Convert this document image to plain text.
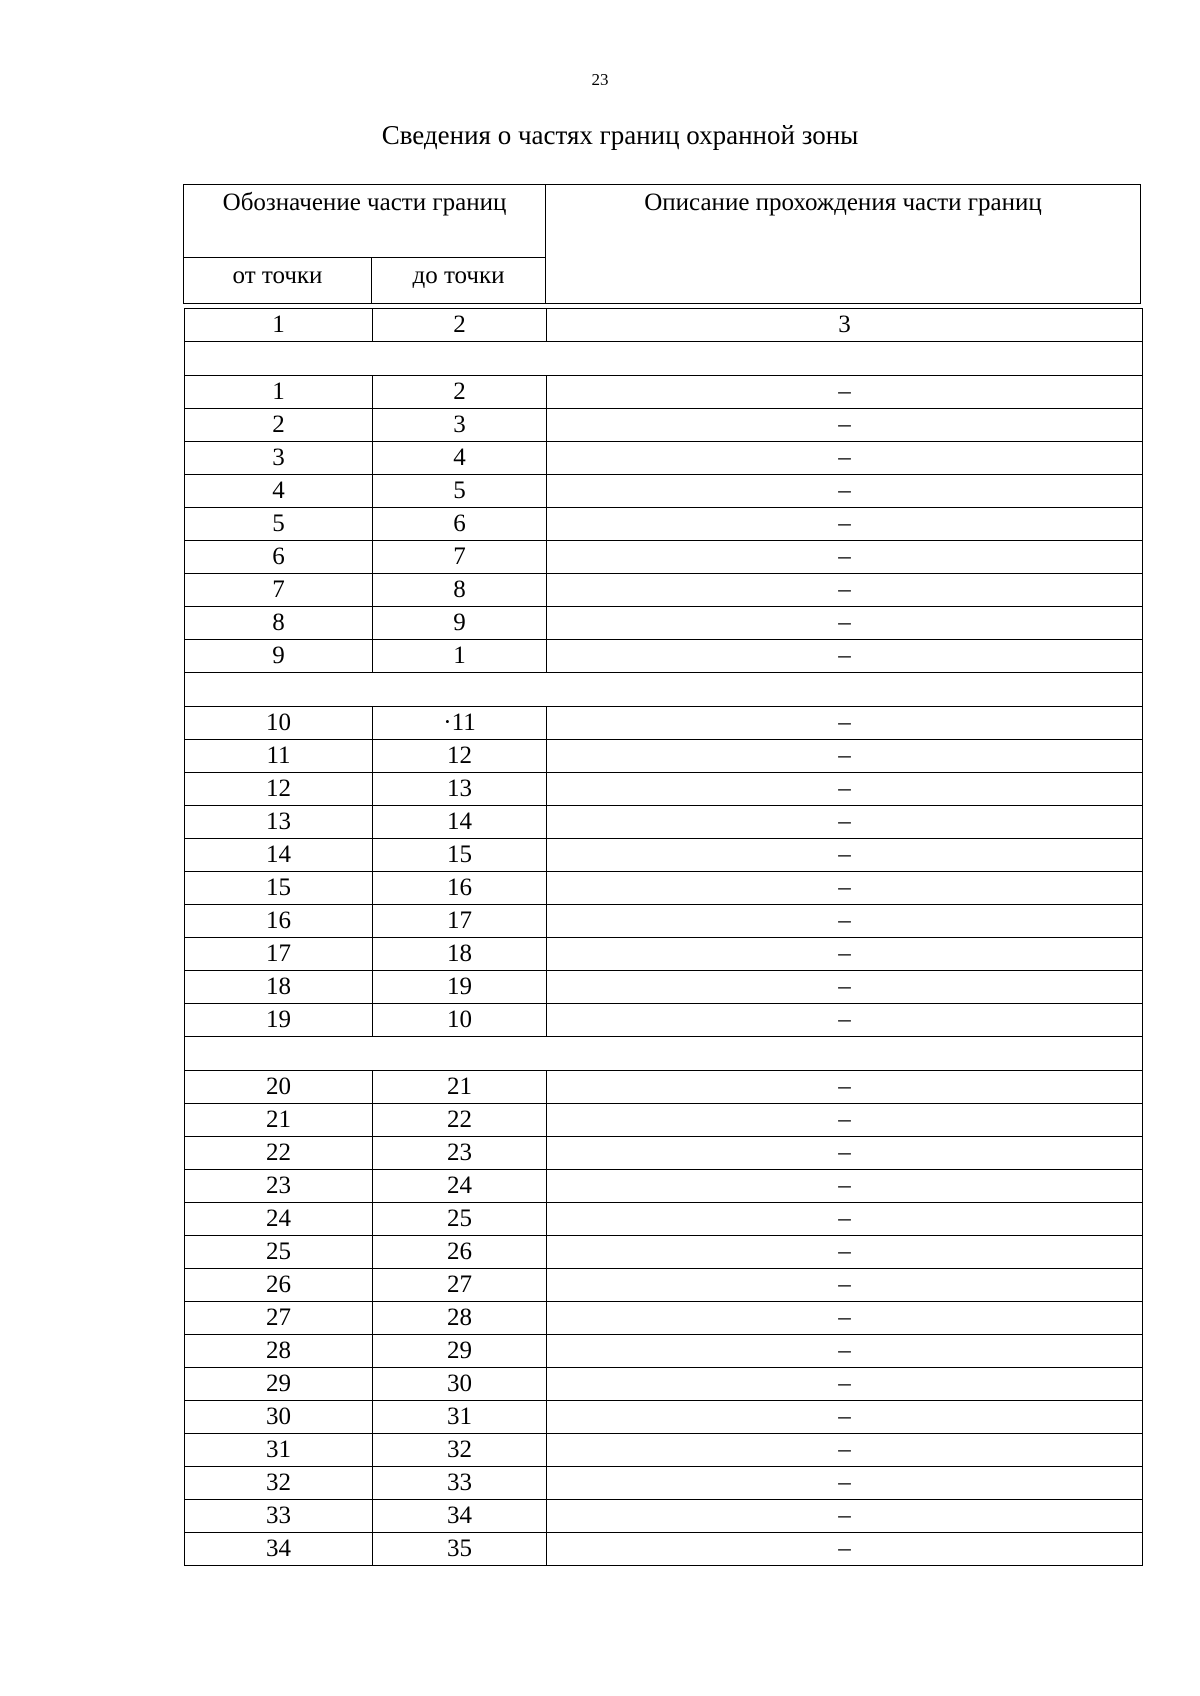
23
Сведения о частях границ охранной зоны
Обозначение части границ
от точки	до точки
Описание прохождения части границ
1	2	3

1	2	–
2	3	–
3	4	–
4	5	–
5	6	–
6	7	–
7	8	–
8	9	–
9	1	–

10	·11	–
11	12	–
12	13	–
13	14	–
14	15	–
15	16	–
16	17	–
17	18	–
18	19	–
19	10	–

20	21	–
21	22	–
22	23	–
23	24	–
24	25	–
25	26	–
26	27	–
27	28	–
28	29	–
29	30	–
30	31	–
31	32	–
32	33	–
33	34	–
34	35	–
